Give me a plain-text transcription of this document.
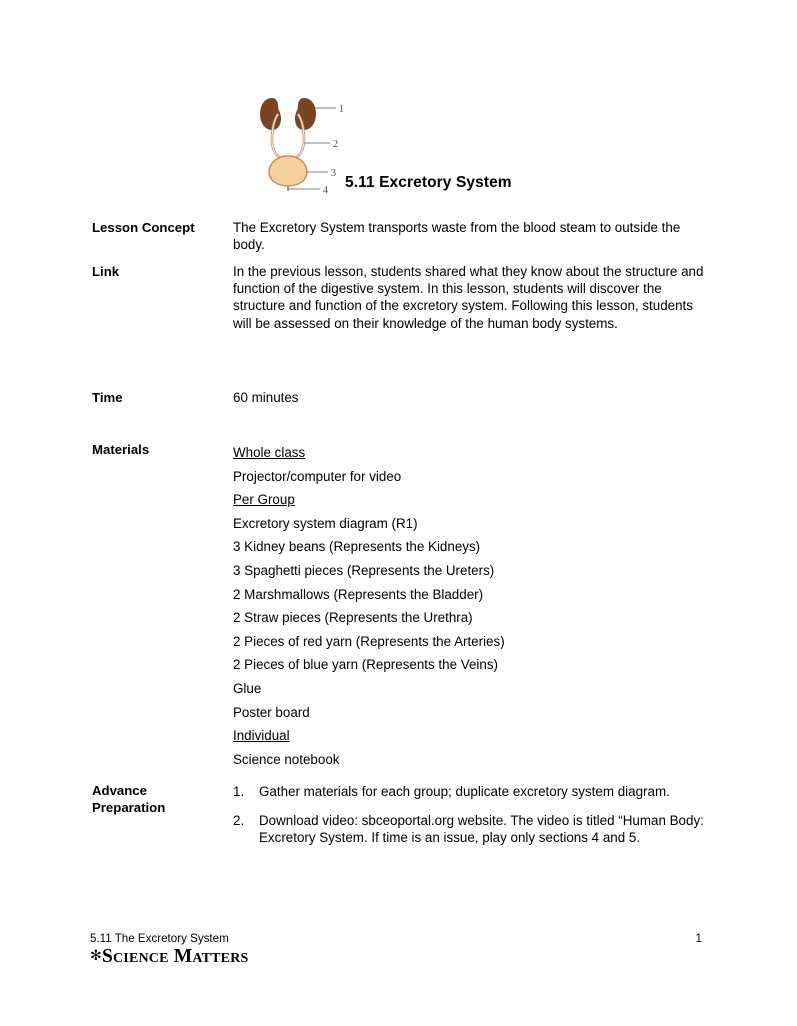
1
2
3
4 5.11 Excretory System
Lesson Concept	The Excretory System transports waste from the blood steam to outside the body.
Link	In the previous lesson, students shared what they know about the structure and function of the digestive system. In this lesson, students will discover the structure and function of the excretory system. Following this lesson, students will be assessed on their knowledge of the human body systems.
Time	60 minutes
Materials	Whole class
Projector/computer for video
Per Group
Excretory system diagram (R1)
3 Kidney beans (Represents the Kidneys)
3 Spaghetti pieces (Represents the Ureters)
2 Marshmallows (Represents the Bladder)
2 Straw pieces (Represents the Urethra)
2 Pieces of red yarn (Represents the Arteries)
2 Pieces of blue yarn (Represents the Veins)
Glue
Poster board
Individual
Science notebook
Advance
Preparation
1.	Gather materials for each group; duplicate excretory system diagram.
2.	Download video: sbceoportal.org website. The video is titled “Human Body: Excretory System. If time is an issue, play only sections 4 and 5.
5.11 The Excretory System	1
✻Science Matters
